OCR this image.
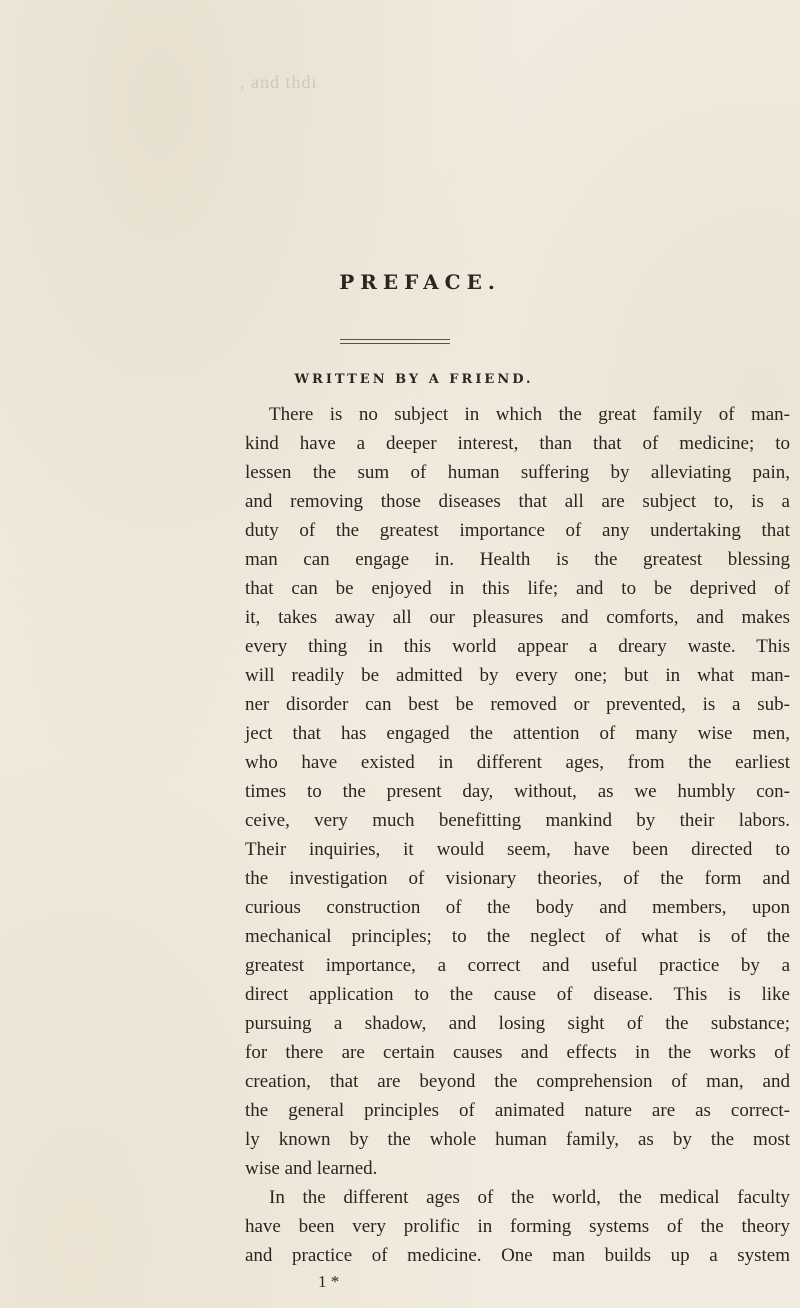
, and thdi
PREFACE.
WRITTEN BY A FRIEND.
There is no subject in which the great family of man-
kind have a deeper interest, than that of medicine; to
lessen the sum of human suffering by alleviating pain,
and removing those diseases that all are subject to, is a
duty of the greatest importance of any undertaking that
man can engage in. Health is the greatest blessing
that can be enjoyed in this life; and to be deprived of
it, takes away all our pleasures and comforts, and makes
every thing in this world appear a dreary waste. This
will readily be admitted by every one; but in what man-
ner disorder can best be removed or prevented, is a sub-
ject that has engaged the attention of many wise men,
who have existed in different ages, from the earliest
times to the present day, without, as we humbly con-
ceive, very much benefitting mankind by their labors.
Their inquiries, it would seem, have been directed to
the investigation of visionary theories, of the form and
curious construction of the body and members, upon
mechanical principles; to the neglect of what is of the
greatest importance, a correct and useful practice by a
direct application to the cause of disease. This is like
pursuing a shadow, and losing sight of the substance;
for there are certain causes and effects in the works of
creation, that are beyond the comprehension of man, and
the general principles of animated nature are as correct-
ly known by the whole human family, as by the most
wise and learned.
In the different ages of the world, the medical faculty
have been very prolific in forming systems of the theory
and practice of medicine. One man builds up a system
1 *
